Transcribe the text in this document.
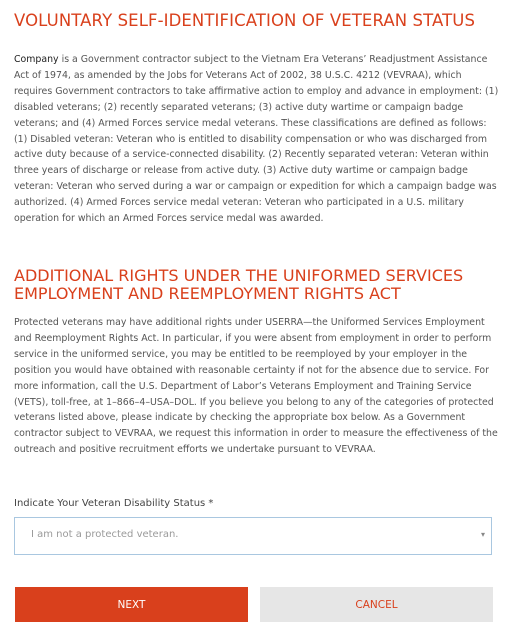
VOLUNTARY SELF-IDENTIFICATION OF VETERAN STATUS

Company is a Government contractor subject to the Vietnam Era Veterans’ Readjustment Assistance Act of 1974, as amended by the Jobs for Veterans Act of 2002, 38 U.S.C. 4212 (VEVRAA), which requires Government contractors to take affirmative action to employ and advance in employment: (1) disabled veterans; (2) recently separated veterans; (3) active duty wartime or campaign badge veterans; and (4) Armed Forces service medal veterans. These classifications are defined as follows: (1) Disabled veteran: Veteran who is entitled to disability compensation or who was discharged from active duty because of a service-connected disability. (2) Recently separated veteran: Veteran within three years of discharge or release from active duty. (3) Active duty wartime or campaign badge veteran: Veteran who served during a war or campaign or expedition for which a campaign badge was authorized. (4) Armed Forces service medal veteran: Veteran who participated in a U.S. military operation for which an Armed Forces service medal was awarded.

ADDITIONAL RIGHTS UNDER THE UNIFORMED SERVICES EMPLOYMENT AND REEMPLOYMENT RIGHTS ACT

Protected veterans may have additional rights under USERRA—the Uniformed Services Employment and Reemployment Rights Act. In particular, if you were absent from employment in order to perform service in the uniformed service, you may be entitled to be reemployed by your employer in the position you would have obtained with reasonable certainty if not for the absence due to service. For more information, call the U.S. Department of Labor’s Veterans Employment and Training Service (VETS), toll-free, at 1–866–4–USA–DOL. If you believe you belong to any of the categories of protected veterans listed above, please indicate by checking the appropriate box below. As a Government contractor subject to VEVRAA, we request this information in order to measure the effectiveness of the outreach and positive recruitment efforts we undertake pursuant to VEVRAA.

Indicate Your Veteran Disability Status *
I am not a protected veteran.	▾
NEXT	CANCEL
